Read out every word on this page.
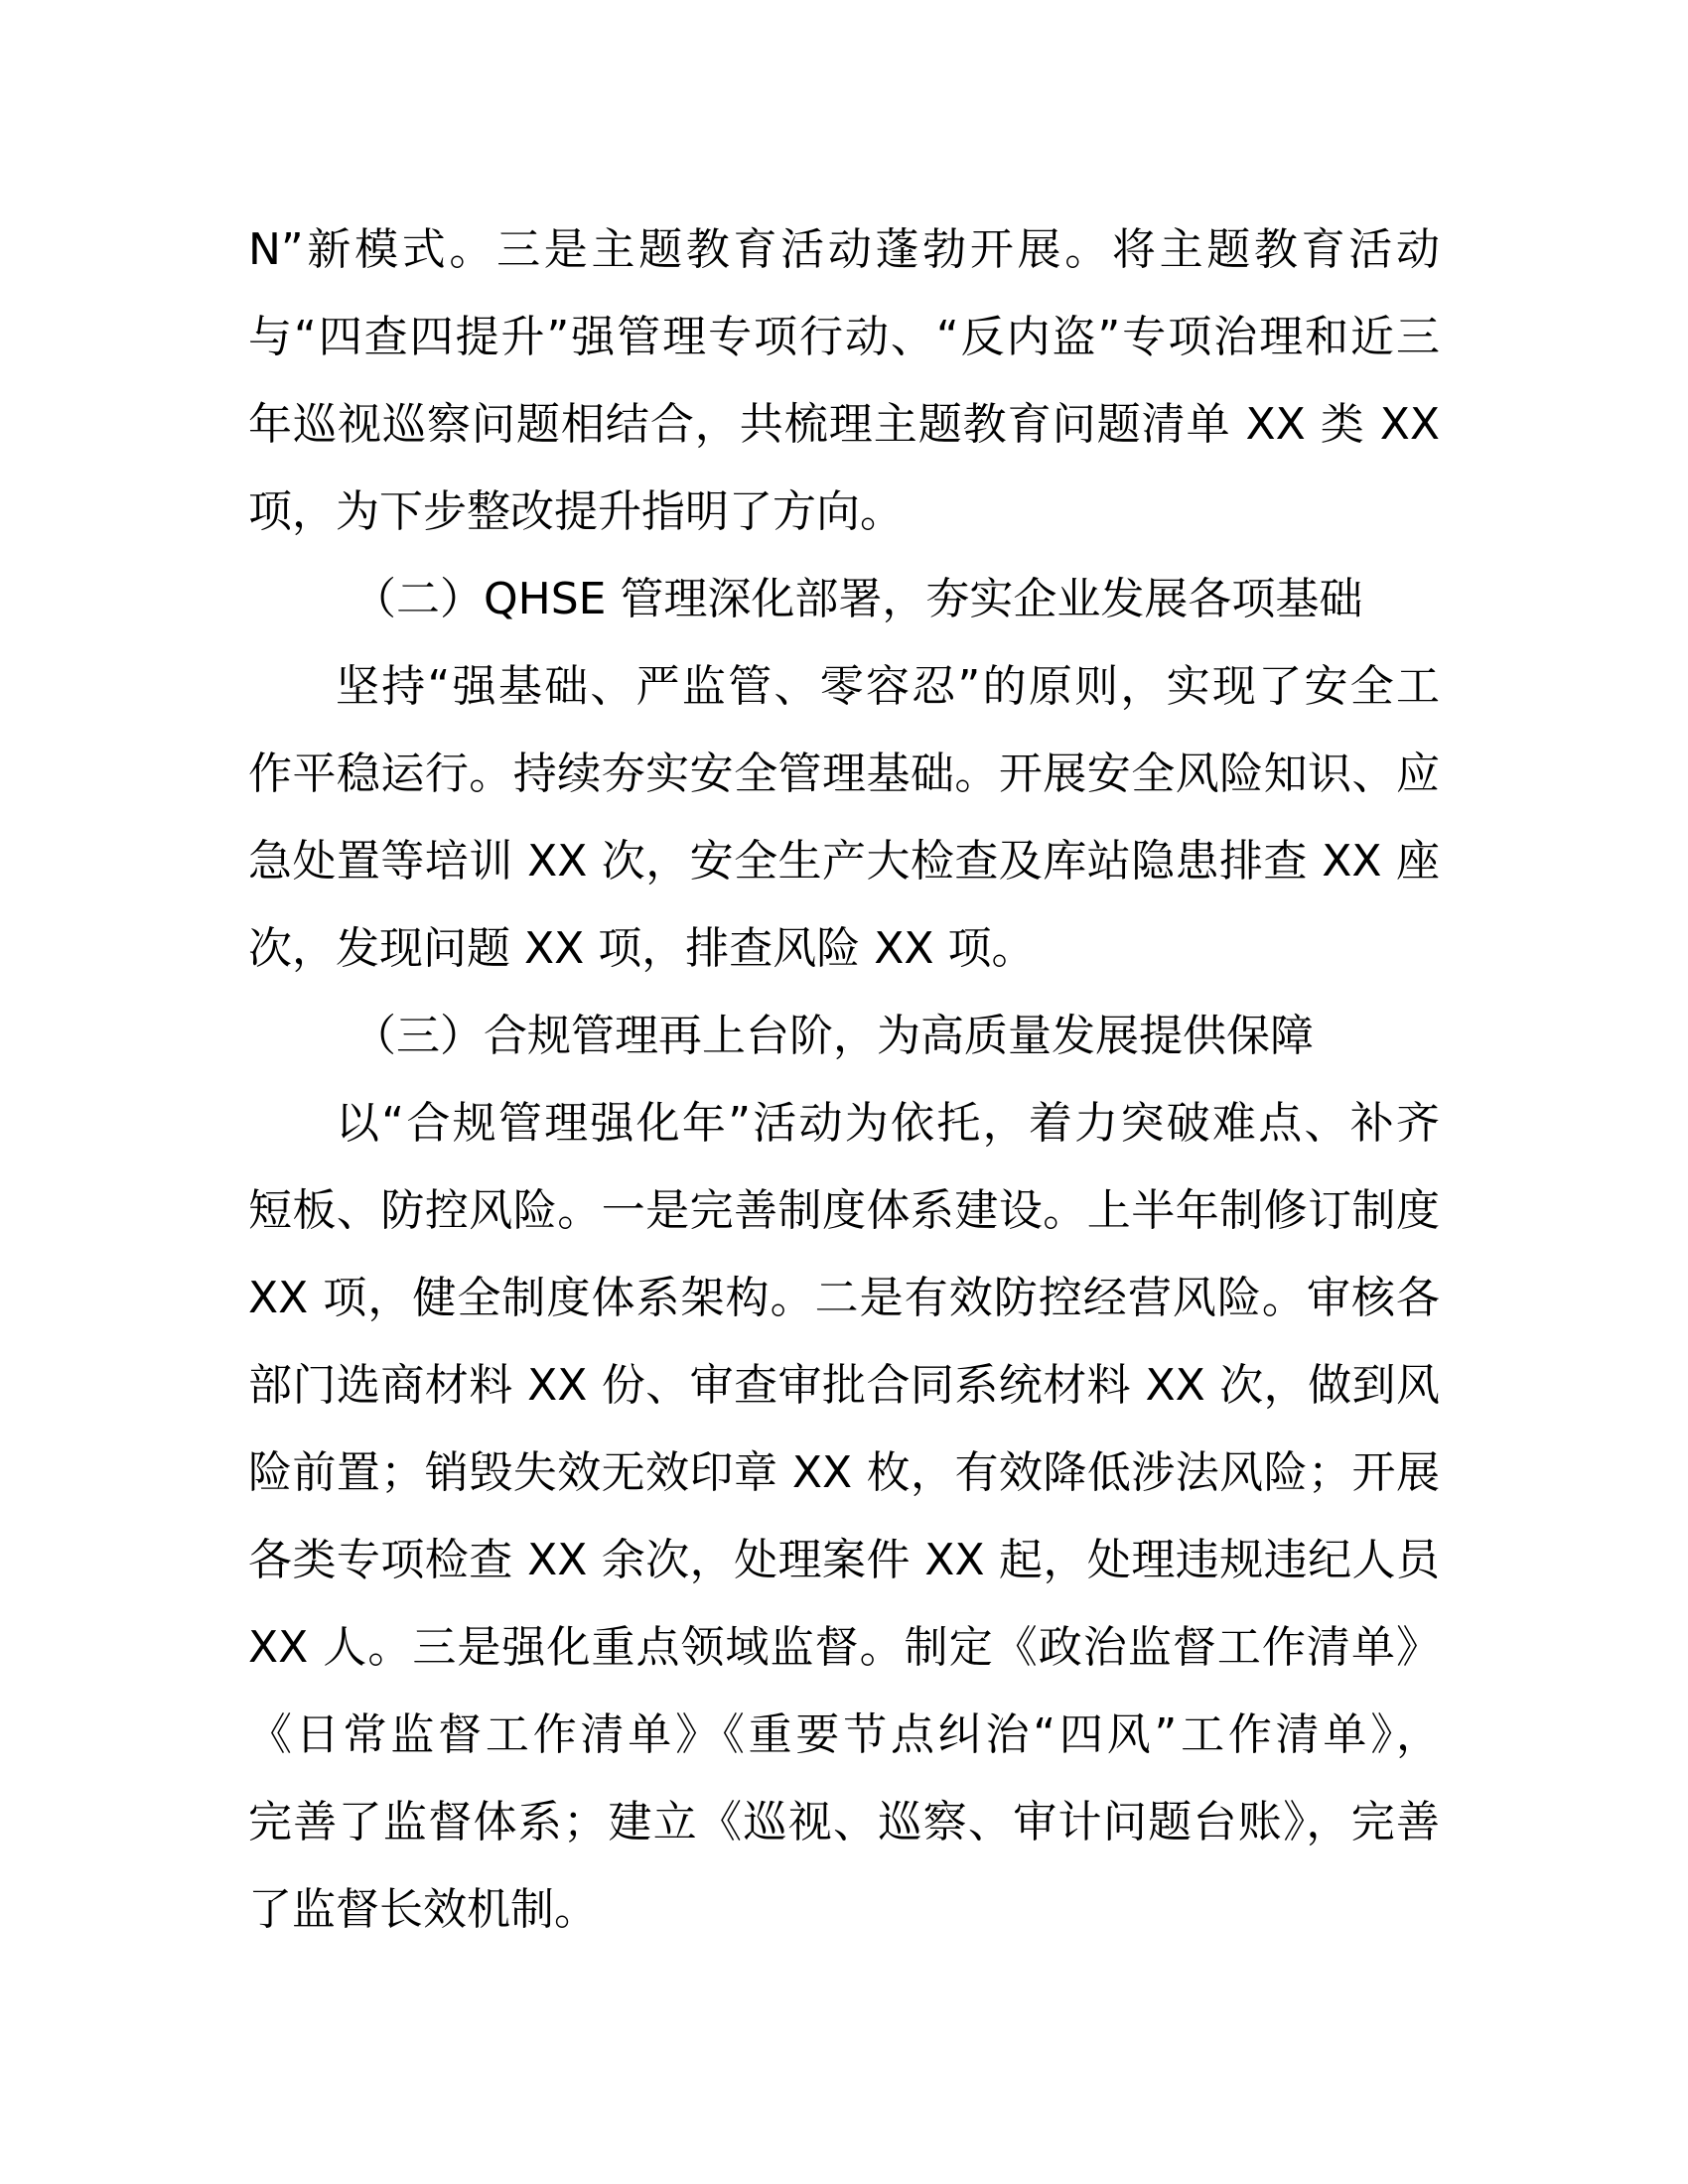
N”新模式。三是主题教育活动蓬勃开展。将主题教育活动
与“四查四提升”强管理专项行动、“反内盗”专项治理和近三
年巡视巡察问题相结合，共梳理主题教育问题清单 XX 类 XX
项，为下步整改提升指明了方向。
（二）QHSE 管理深化部署，夯实企业发展各项基础
坚持“强基础、严监管、零容忍”的原则，实现了安全工
作平稳运行。持续夯实安全管理基础。开展安全风险知识、应
急处置等培训 XX 次，安全生产大检查及库站隐患排查 XX 座
次，发现问题 XX 项，排查风险 XX 项。
（三）合规管理再上台阶，为高质量发展提供保障
以“合规管理强化年”活动为依托，着力突破难点、补齐
短板、防控风险。一是完善制度体系建设。上半年制修订制度
XX 项，健全制度体系架构。二是有效防控经营风险。审核各
部门选商材料 XX 份、审查审批合同系统材料 XX 次，做到风
险前置；销毁失效无效印章 XX 枚，有效降低涉法风险；开展
各类专项检查 XX 余次，处理案件 XX 起，处理违规违纪人员
XX 人。三是强化重点领域监督。制定《政治监督工作清单》
《日常监督工作清单》《重要节点纠治“四风”工作清单》，
完善了监督体系；建立《巡视、巡察、审计问题台账》，完善
了监督长效机制。
